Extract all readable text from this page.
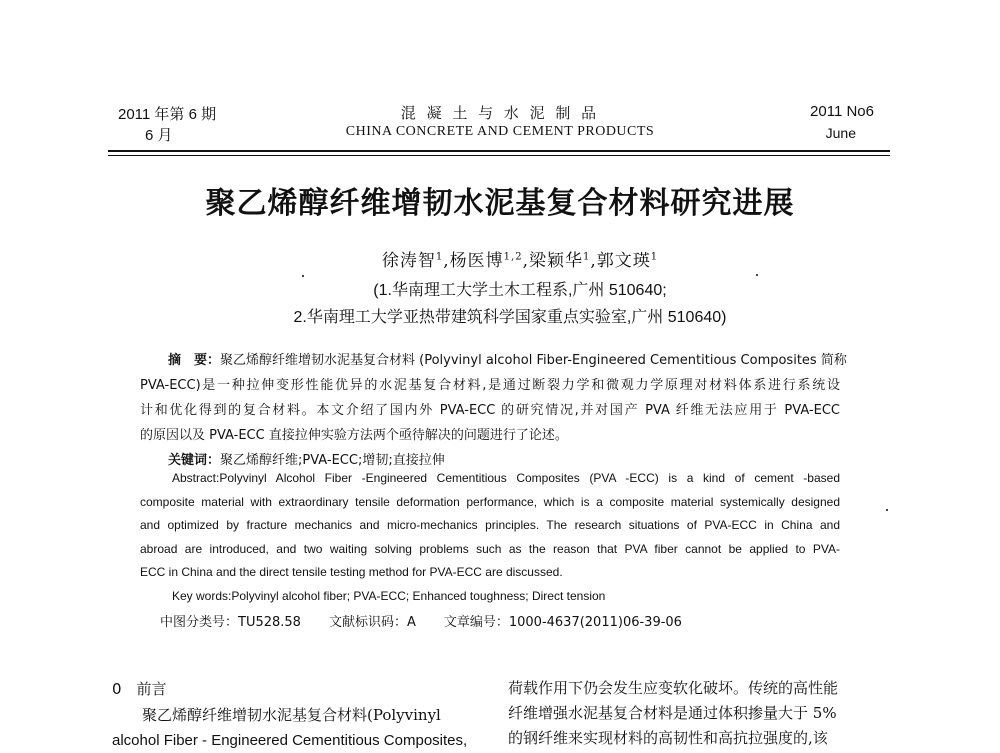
2011 年第 6 期
6 月
混 凝 土 与 水 泥 制 品
CHINA CONCRETE AND CEMENT PRODUCTS
2011 No6
June
聚乙烯醇纤维增韧水泥基复合材料研究进展
徐涛智$^1$,杨医博$^{1,2}$,梁颖华$^1$,郭文瑛$^1$
(1.华南理工大学土木工程系,广州 510640;
2.华南理工大学亚热带建筑科学国家重点实验室,广州 510640)
摘　要：聚乙烯醇纤维增韧水泥基复合材料 (Polyvinyl alcohol Fiber-Engineered Cementitious Composites 简称
PVA-ECC)是一种拉伸变形性能优异的水泥基复合材料,是通过断裂力学和微观力学原理对材料体系进行系统设
计和优化得到的复合材料。本文介绍了国内外 PVA-ECC 的研究情况,并对国产 PVA 纤维无法应用于 PVA-ECC
的原因以及 PVA-ECC 直接拉伸实验方法两个亟待解决的问题进行了论述。
关键词：聚乙烯醇纤维;PVA-ECC;增韧;直接拉伸
Abstract:Polyvinyl Alcohol Fiber -Engineered Cementitious Composites (PVA -ECC) is a kind of cement -based
composite material with extraordinary tensile deformation performance, which is a composite material systemically designed
and optimized by fracture mechanics and micro-mechanics principles. The research situations of PVA-ECC in China and
abroad are introduced, and two waiting solving problems such as the reason that PVA fiber cannot be applied to PVA-
ECC in China and the direct tensile testing method for PVA-ECC are discussed.
Key words:Polyvinyl alcohol fiber; PVA-ECC; Enhanced toughness; Direct tension
中图分类号：TU528.58 文献标识码：A 文章编号：1000-4637(2011)06-39-06
0　前言
聚乙烯醇纤维增韧水泥基复合材料(Polyvinyl
alcohol Fiber - Engineered Cementitious Composites,
荷载作用下仍会发生应变软化破坏。传统的高性能
纤维增强水泥基复合材料是通过体积掺量大于 5%
的钢纤维来实现材料的高韧性和高抗拉强度的,该
